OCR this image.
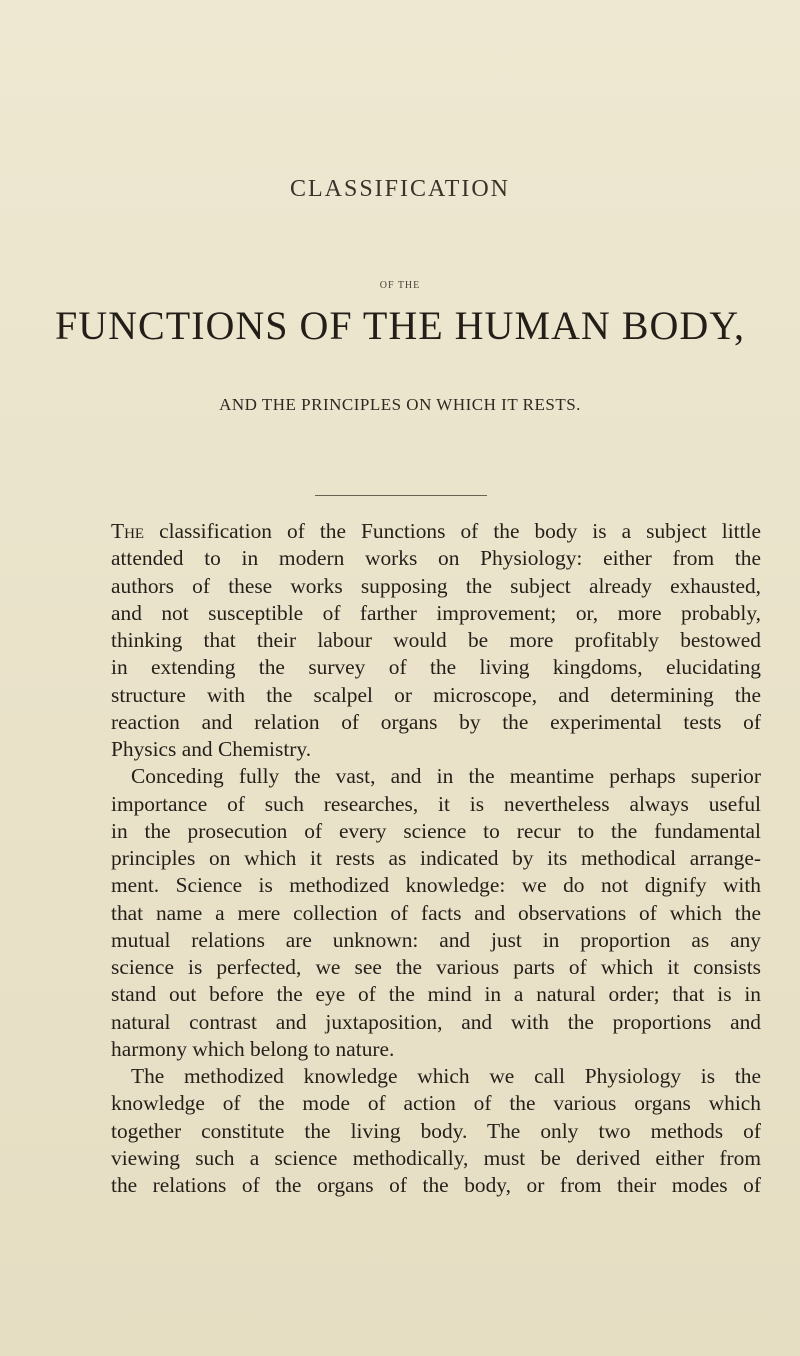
CLASSIFICATION
OF THE
FUNCTIONS OF THE HUMAN BODY,
AND THE PRINCIPLES ON WHICH IT RESTS.
The classification of the Functions of the body is a subject little
attended to in modern works on Physiology: either from the
authors of these works supposing the subject already exhausted,
and not susceptible of farther improvement; or, more probably,
thinking that their labour would be more profitably bestowed
in extending the survey of the living kingdoms, elucidating
structure with the scalpel or microscope, and determining the
reaction and relation of organs by the experimental tests of
Physics and Chemistry.
Conceding fully the vast, and in the meantime perhaps superior
importance of such researches, it is nevertheless always useful
in the prosecution of every science to recur to the fundamental
principles on which it rests as indicated by its methodical arrange-
ment. Science is methodized knowledge: we do not dignify with
that name a mere collection of facts and observations of which the
mutual relations are unknown: and just in proportion as any
science is perfected, we see the various parts of which it consists
stand out before the eye of the mind in a natural order; that is in
natural contrast and juxtaposition, and with the proportions and
harmony which belong to nature.
The methodized knowledge which we call Physiology is the
knowledge of the mode of action of the various organs which
together constitute the living body. The only two methods of
viewing such a science methodically, must be derived either from
the relations of the organs of the body, or from their modes of
